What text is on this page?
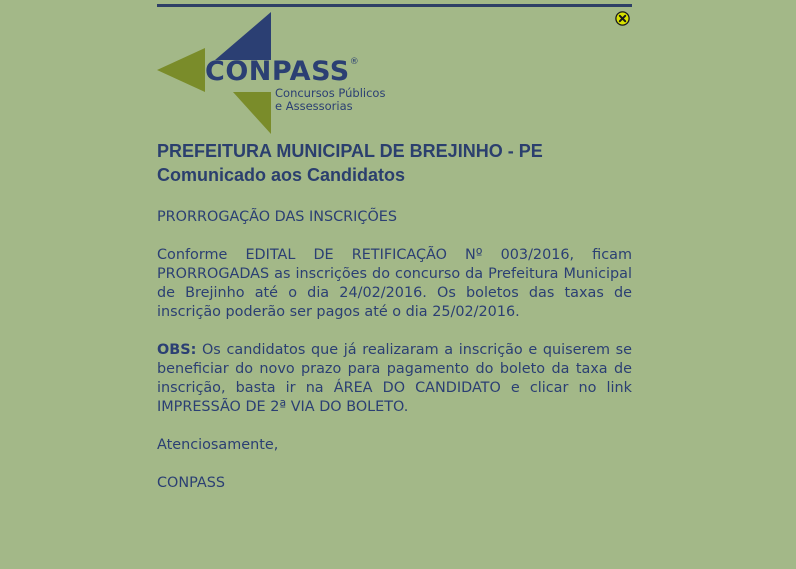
CONPASS®
Concursos Públicos
e Assessorias
PREFEITURA MUNICIPAL DE BREJINHO - PE
Comunicado aos Candidatos

PRORROGAÇÃO DAS INSCRIÇÕES

Conforme EDITAL DE RETIFICAÇÃO Nº 003/2016, ficam PRORROGADAS as inscrições do concurso da Prefeitura Municipal de Brejinho até o dia 24/02/2016. Os boletos das taxas de inscrição poderão ser pagos até o dia 25/02/2016.

OBS: Os candidatos que já realizaram a inscrição e quiserem se beneficiar do novo prazo para pagamento do boleto da taxa de inscrição, basta ir na ÁREA DO CANDIDATO e clicar no link IMPRESSÃO DE 2ª VIA DO BOLETO.

Atenciosamente,

CONPASS
